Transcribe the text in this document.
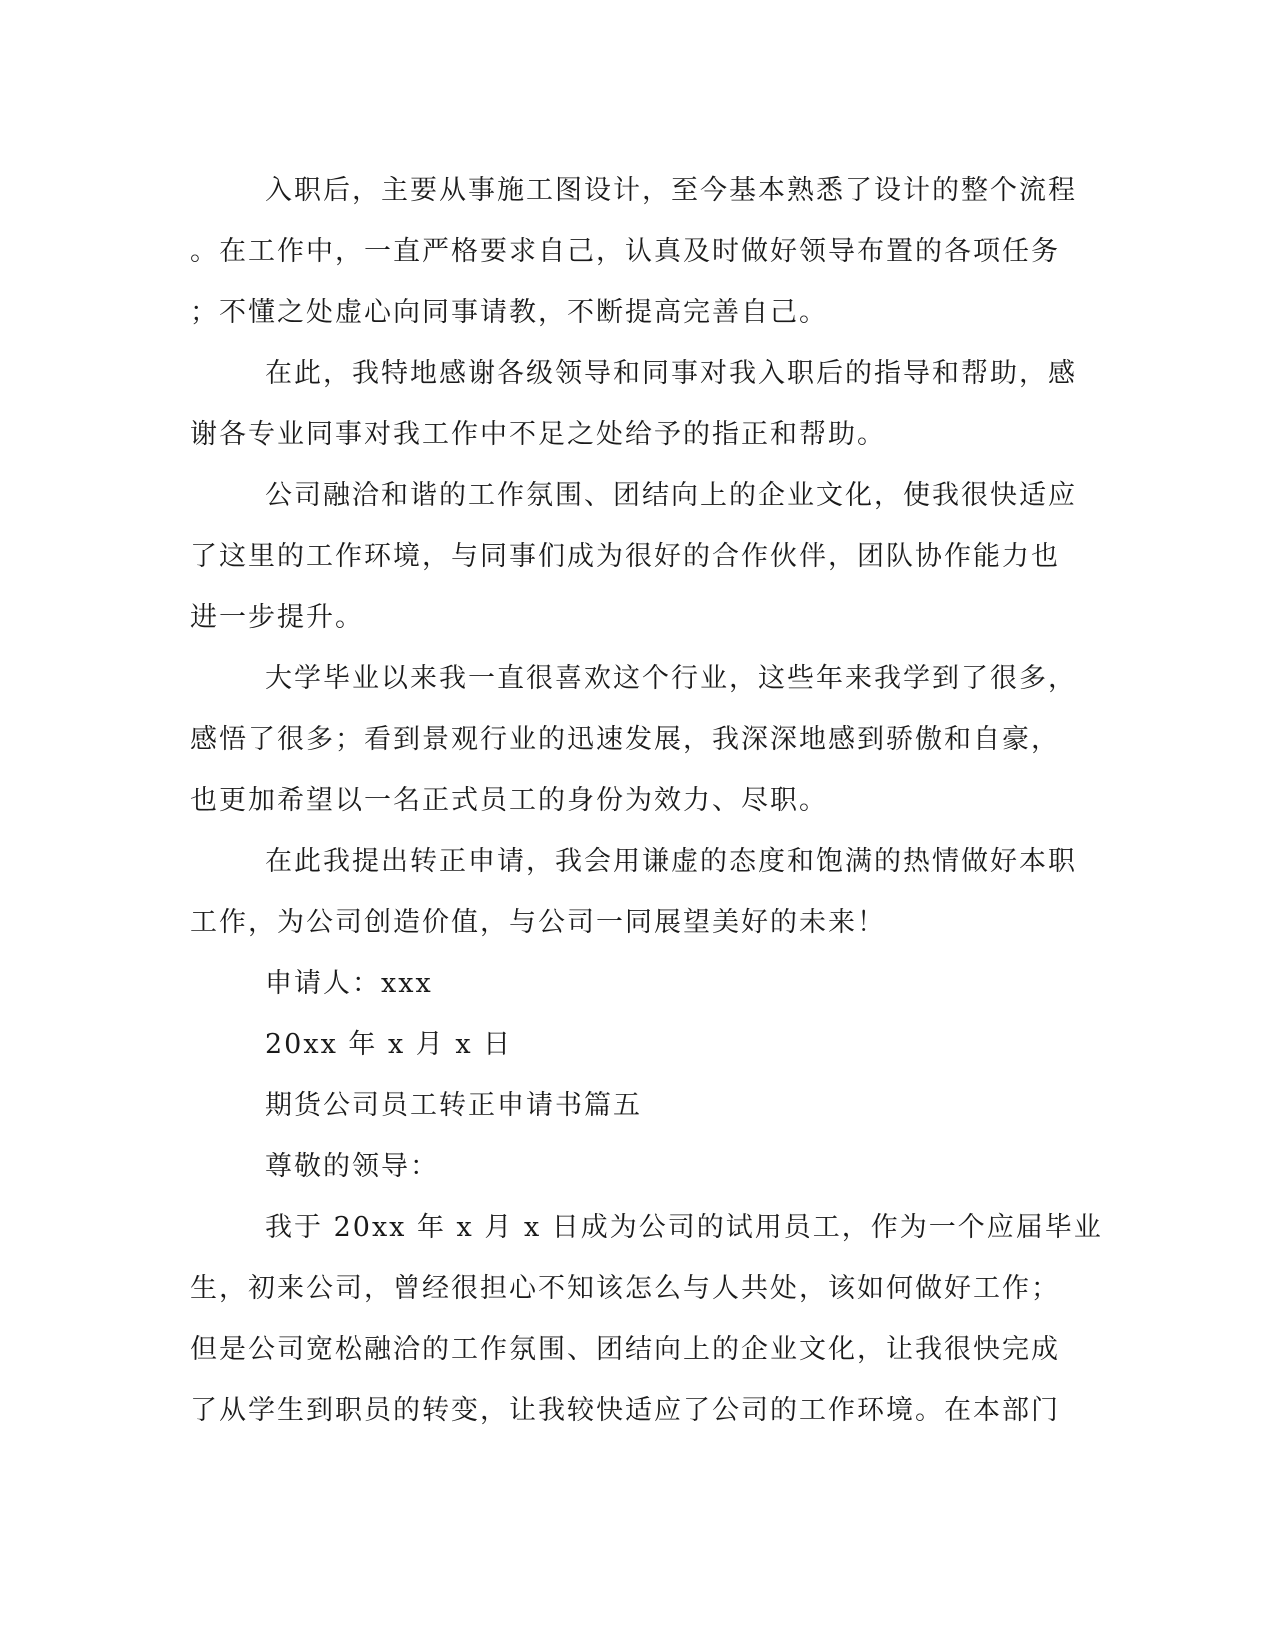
入职后，主要从事施工图设计，至今基本熟悉了设计的整个流程
。在工作中，一直严格要求自己，认真及时做好领导布置的各项任务
；不懂之处虚心向同事请教，不断提高完善自己。
在此，我特地感谢各级领导和同事对我入职后的指导和帮助，感
谢各专业同事对我工作中不足之处给予的指正和帮助。
公司融洽和谐的工作氛围、团结向上的企业文化，使我很快适应
了这里的工作环境，与同事们成为很好的合作伙伴，团队协作能力也
进一步提升。
大学毕业以来我一直很喜欢这个行业，这些年来我学到了很多，
感悟了很多；看到景观行业的迅速发展，我深深地感到骄傲和自豪，
也更加希望以一名正式员工的身份为效力、尽职。
在此我提出转正申请，我会用谦虚的态度和饱满的热情做好本职
工作，为公司创造价值，与公司一同展望美好的未来！
申请人：xxx
20xx 年 x 月 x 日
期货公司员工转正申请书篇五
尊敬的领导：
我于 20xx 年 x 月 x 日成为公司的试用员工，作为一个应届毕业
生，初来公司，曾经很担心不知该怎么与人共处，该如何做好工作；
但是公司宽松融洽的工作氛围、团结向上的企业文化，让我很快完成
了从学生到职员的转变，让我较快适应了公司的工作环境。在本部门
